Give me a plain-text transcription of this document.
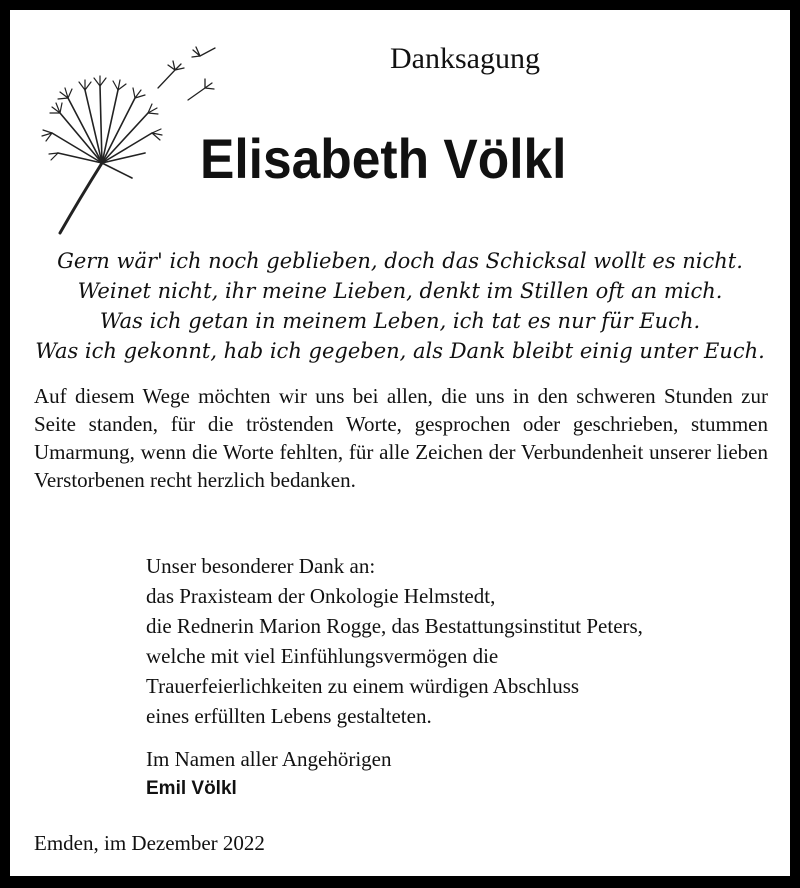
Danksagung
Elisabeth Völkl
Gern wär' ich noch geblieben, doch das Schicksal wollt es nicht.
Weinet nicht, ihr meine Lieben, denkt im Stillen oft an mich.
Was ich getan in meinem Leben, ich tat es nur für Euch.
Was ich gekonnt, hab ich gegeben, als Dank bleibt einig unter Euch.
Auf diesem Wege möchten wir uns bei allen, die uns in den schweren Stunden zur Seite standen, für die tröstenden Worte, gesprochen oder geschrieben, stummen Umarmung, wenn die Worte fehlten, für alle Zeichen der Verbundenheit unserer lieben Verstorbenen recht herzlich bedanken.
Unser besonderer Dank an:
das Praxisteam der Onkologie Helmstedt,
die Rednerin Marion Rogge, das Bestattungsinstitut Peters,
welche mit viel Einfühlungsvermögen die
Trauerfeierlichkeiten zu einem würdigen Abschluss
eines erfüllten Lebens gestalteten.
Im Namen aller Angehörigen
Emil Völkl
Emden, im Dezember 2022
